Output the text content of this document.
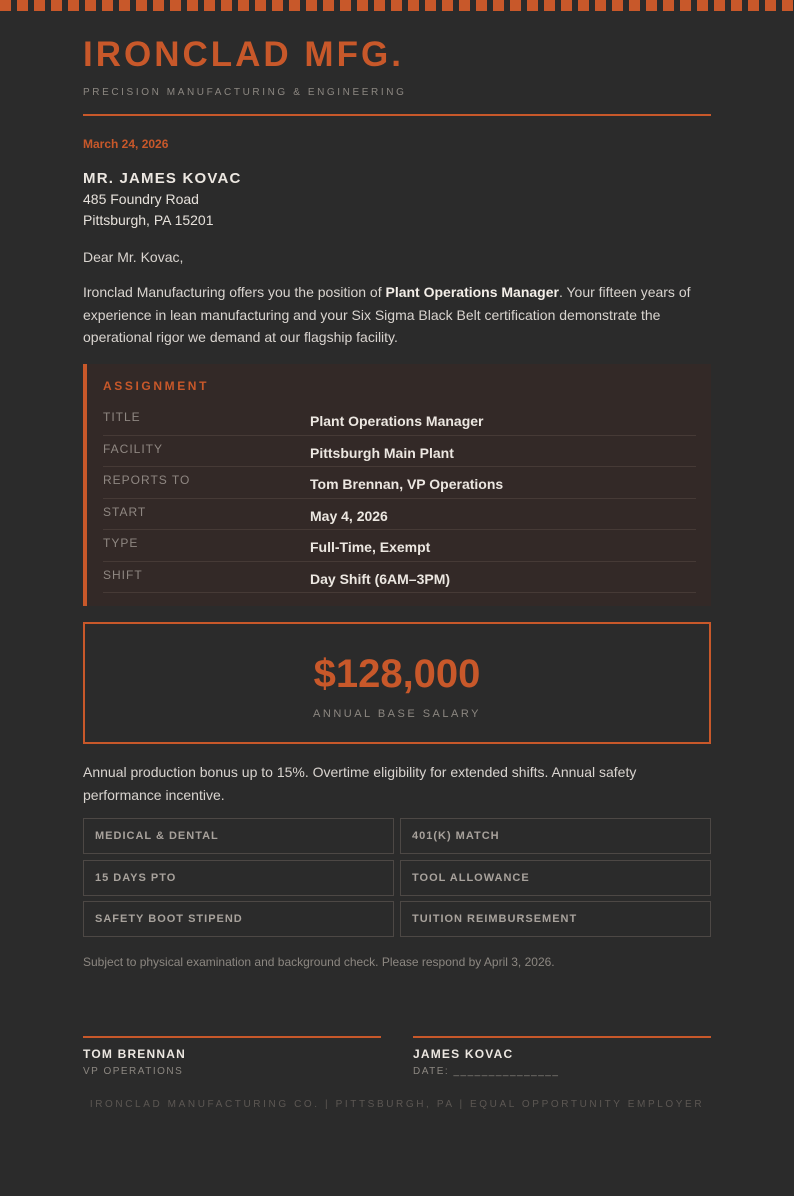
IRONCLAD MFG.
PRECISION MANUFACTURING & ENGINEERING
March 24, 2026
MR. JAMES KOVAC
485 Foundry Road
Pittsburgh, PA 15201
Dear Mr. Kovac,
Ironclad Manufacturing offers you the position of Plant Operations Manager. Your fifteen years of experience in lean manufacturing and your Six Sigma Black Belt certification demonstrate the operational rigor we demand at our flagship facility.
ASSIGNMENT
TITLE	Plant Operations Manager
FACILITY	Pittsburgh Main Plant
REPORTS TO	Tom Brennan, VP Operations
START	May 4, 2026
TYPE	Full-Time, Exempt
SHIFT	Day Shift (6AM–3PM)
$128,000
ANNUAL BASE SALARY
Annual production bonus up to 15%. Overtime eligibility for extended shifts. Annual safety performance incentive.
MEDICAL & DENTAL	401(K) MATCH
15 DAYS PTO	TOOL ALLOWANCE
SAFETY BOOT STIPEND	TUITION REIMBURSEMENT
Subject to physical examination and background check. Please respond by April 3, 2026.
TOM BRENNAN
VP OPERATIONS
JAMES KOVAC
DATE: _______________
IRONCLAD MANUFACTURING CO. | PITTSBURGH, PA | EQUAL OPPORTUNITY EMPLOYER
